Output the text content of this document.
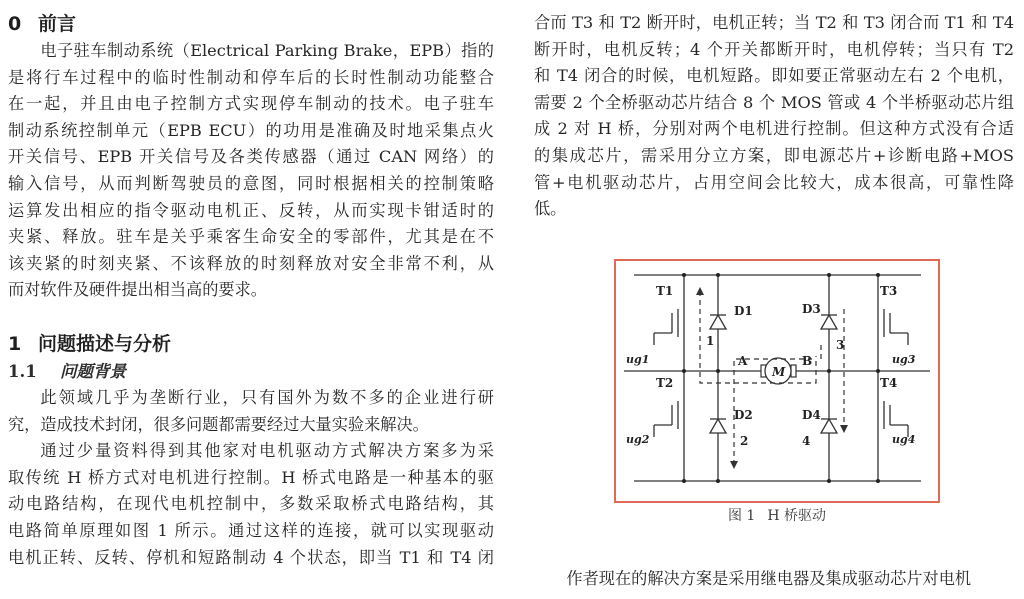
0 前言

电子驻车制动系统（Electrical Parking Brake，EPB）指的

是将行车过程中的临时性制动和停车后的长时性制动功能整合

在一起，并且由电子控制方式实现停车制动的技术。电子驻车

制动系统控制单元（EPB ECU）的功用是准确及时地采集点火

开关信号、EPB 开关信号及各类传感器（通过 CAN 网络）的

输入信号，从而判断驾驶员的意图，同时根据相关的控制策略

运算发出相应的指令驱动电机正、反转，从而实现卡钳适时的

夹紧、释放。驻车是关乎乘客生命安全的零部件，尤其是在不

该夹紧的时刻夹紧、不该释放的时刻释放对安全非常不利，从

而对软件及硬件提出相当高的要求。

1 问题描述与分析
1.1 问题背景

此领域几乎为垄断行业，只有国外为数不多的企业进行研

究，造成技术封闭，很多问题都需要经过大量实验来解决。

通过少量资料得到其他家对电机驱动方式解决方案多为采

取传统 H 桥方式对电机进行控制。H 桥式电路是一种基本的驱

动电路结构，在现代电机控制中，多数采取桥式电路结构，其

电路简单原理如图 1 所示。通过这样的连接，就可以实现驱动

电机正转、反转、停机和短路制动 4 个状态，即当 T1 和 T4 闭

合而 T3 和 T2 断开时，电机正转；当 T2 和 T3 闭合而 T1 和 T4

断开时，电机反转；4 个开关都断开时，电机停转；当只有 T2

和 T4 闭合的时候，电机短路。即如要正常驱动左右 2 个电机，

需要 2 个全桥驱动芯片结合 8 个 MOS 管或 4 个半桥驱动芯片组

成 2 对 H 桥，分别对两个电机进行控制。但这种方式没有合适

的集成芯片，需采用分立方案，即电源芯片+诊断电路+MOS

管+电机驱动芯片，占用空间会比较大，成本很高，可靠性降

低。

T1
T2
T3
T4
D1
D2
D3
D4
A	B
M
1
2
3
4
ug1
ug2
ug3
ug4
图 1 H 桥驱动

作者现在的解决方案是采用继电器及集成驱动芯片对电机
